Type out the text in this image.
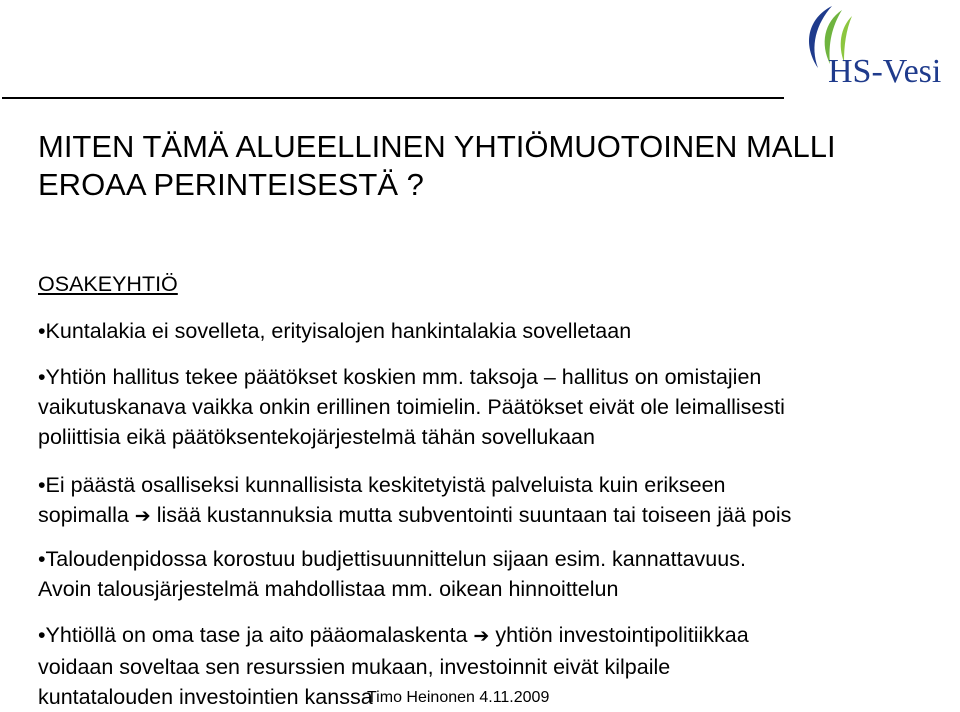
HS-Vesi
MITEN TÄMÄ ALUEELLINEN YHTIÖMUOTOINEN MALLI
EROAA PERINTEISESTÄ ?
OSAKEYHTIÖ

•Kuntalakia ei sovelleta, erityisalojen hankintalakia sovelletaan

•Yhtiön hallitus tekee päätökset koskien mm. taksoja – hallitus on omistajien
vaikutuskanava vaikka onkin erillinen toimielin. Päätökset eivät ole leimallisesti
poliittisia eikä päätöksentekojärjestelmä tähän sovellukaan

•Ei päästä osalliseksi kunnallisista keskitetyistä palveluista kuin erikseen
sopimalla ➔ lisää kustannuksia mutta subventointi suuntaan tai toiseen jää pois

•Taloudenpidossa korostuu budjettisuunnittelun sijaan esim. kannattavuus.
Avoin talousjärjestelmä mahdollistaa mm. oikean hinnoittelun

•Yhtiöllä on oma tase ja aito pääomalaskenta ➔ yhtiön investointipolitiikkaa
voidaan soveltaa sen resurssien mukaan, investoinnit eivät kilpaile
kuntatalouden investointien kanssa

Timo Heinonen 4.11.2009
